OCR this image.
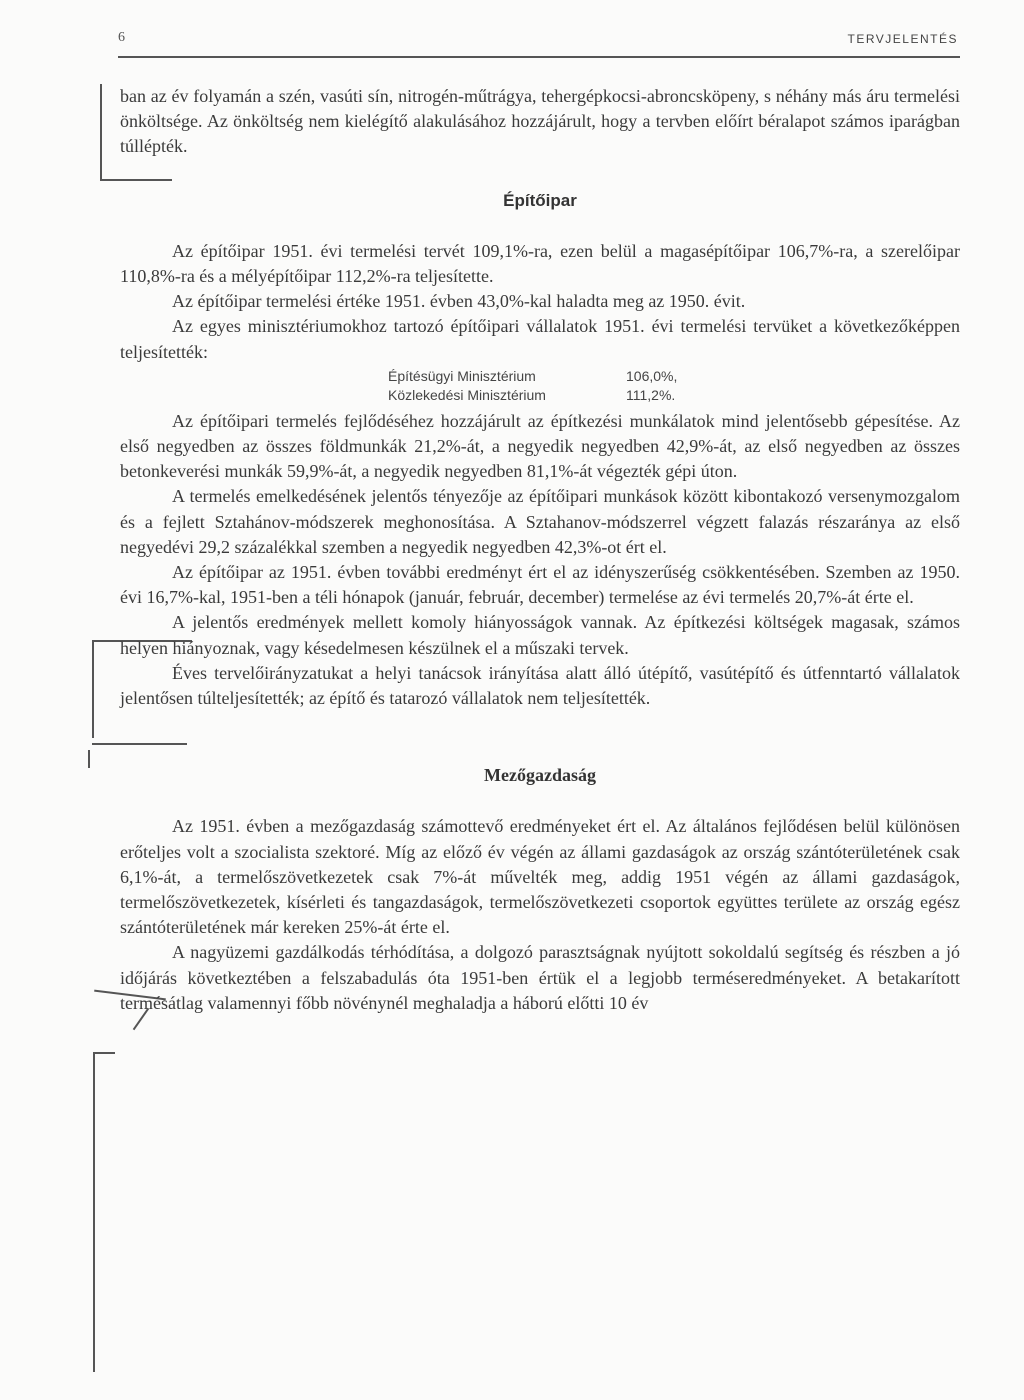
6	TERVJELENTÉS

ban az év folyamán a szén, vasúti sín, nitrogén-műtrágya, tehergépkocsi-abroncsköpeny, s néhány más áru termelési önköltsége. Az önköltség nem kielégítő alakulásához hozzájárult, hogy a tervben előírt béralapot számos iparágban túllépték.

Építőipar

Az építőipar 1951. évi termelési tervét 109,1%-ra, ezen belül a magasépítőipar 106,7%-ra, a szerelőipar 110,8%-ra és a mélyépítőipar 112,2%-ra teljesítette.

Az építőipar termelési értéke 1951. évben 43,0%-kal haladta meg az 1950. évit.

Az egyes minisztériumokhoz tartozó építőipari vállalatok 1951. évi termelési tervüket a következőképpen teljesítették:

Építésügyi Minisztérium	106,0%,
Közlekedési Minisztérium	111,2%.

Az építőipari termelés fejlődéséhez hozzájárult az építkezési munkálatok mind jelentősebb gépesítése. Az első negyedben az összes földmunkák 21,2%-át, a negyedik negyedben 42,9%-át, az első negyedben az összes betonkeverési munkák 59,9%-át, a negyedik negyedben 81,1%-át végezték gépi úton.

A termelés emelkedésének jelentős tényezője az építőipari munkások között kibontakozó versenymozgalom és a fejlett Sztahánov-módszerek meghonosítása. A Sztahanov-módszerrel végzett falazás részaránya az első negyedévi 29,2 százalékkal szemben a negyedik negyedben 42,3%-ot ért el.

Az építőipar az 1951. évben további eredményt ért el az idényszerűség csökkentésében. Szemben az 1950. évi 16,7%-kal, 1951-ben a téli hónapok (január, február, december) termelése az évi termelés 20,7%-át érte el.

A jelentős eredmények mellett komoly hiányosságok vannak. Az építkezési költségek magasak, számos helyen hiányoznak, vagy késedelmesen készülnek el a műszaki tervek.

Éves tervelőirányzatukat a helyi tanácsok irányítása alatt álló útépítő, vasútépítő és útfenntartó vállalatok jelentősen túlteljesítették; az építő és tatarozó vállalatok nem teljesítették.

Mezőgazdaság

Az 1951. évben a mezőgazdaság számottevő eredményeket ért el. Az általános fejlődésen belül különösen erőteljes volt a szocialista szektoré. Míg az előző év végén az állami gazdaságok az ország szántóterületének csak 6,1%-át, a termelőszövetkezetek csak 7%-át művelték meg, addig 1951 végén az állami gazdaságok, termelőszövetkezetek, kísérleti és tangazdaságok, termelőszövetkezeti csoportok együttes területe az ország egész szántóterületének már kereken 25%-át érte el.

A nagyüzemi gazdálkodás térhódítása, a dolgozó parasztságnak nyújtott sokoldalú segítség és részben a jó időjárás következtében a felszabadulás óta 1951-ben értük el a legjobb terméseredményeket. A betakarított termésátlag valamennyi főbb növénynél meghaladja a háború előtti 10 év
